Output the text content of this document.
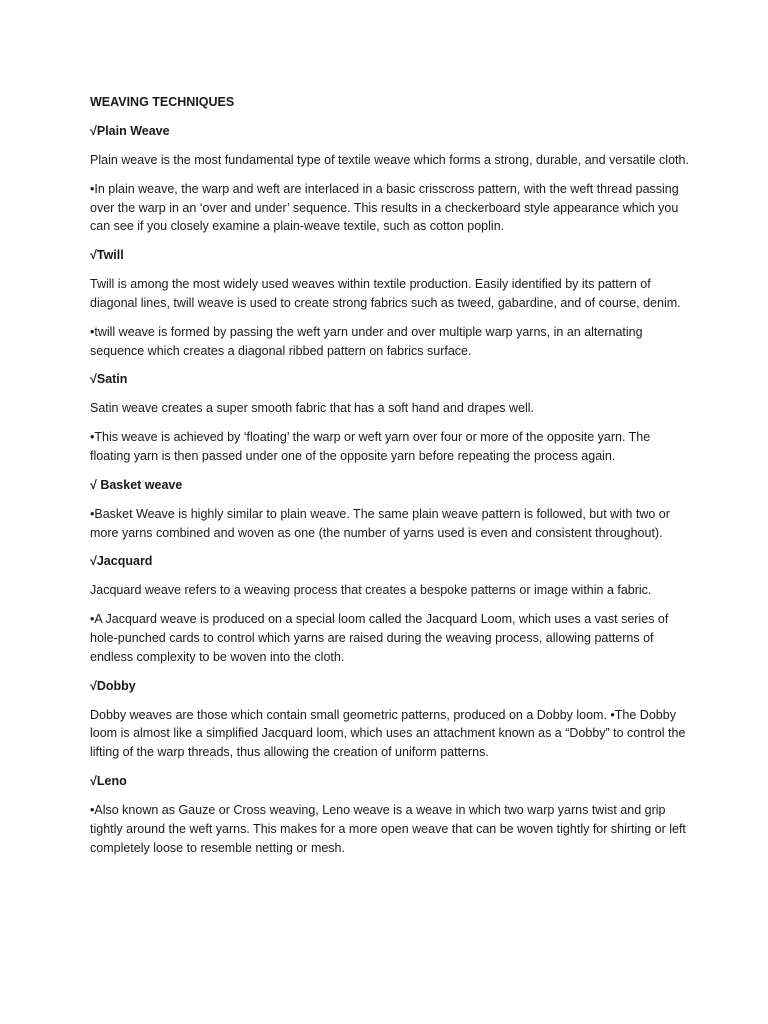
WEAVING TECHNIQUES
√Plain Weave

Plain weave is the most fundamental type of textile weave which forms a strong, durable, and versatile cloth.

•In plain weave, the warp and weft are interlaced in a basic crisscross pattern, with the weft thread passing over the warp in an ‘over and under’ sequence. This results in a checkerboard style appearance which you can see if you closely examine a plain-weave textile, such as cotton poplin.

√Twill

Twill is among the most widely used weaves within textile production. Easily identified by its pattern of diagonal lines, twill weave is used to create strong fabrics such as tweed, gabardine, and of course, denim.

•twill weave is formed by passing the weft yarn under and over multiple warp yarns, in an alternating sequence which creates a diagonal ribbed pattern on fabrics surface.

√Satin

Satin weave creates a super smooth fabric that has a soft hand and drapes well.

•This weave is achieved by ‘floating’ the warp or weft yarn over four or more of the opposite yarn. The floating yarn is then passed under one of the opposite yarn before repeating the process again.

√ Basket weave

•Basket Weave is highly similar to plain weave. The same plain weave pattern is followed, but with two or more yarns combined and woven as one (the number of yarns used is even and consistent throughout).

√Jacquard

Jacquard weave refers to a weaving process that creates a bespoke patterns or image within a fabric.

•A Jacquard weave is produced on a special loom called the Jacquard Loom, which uses a vast series of hole-punched cards to control which yarns are raised during the weaving process, allowing patterns of endless complexity to be woven into the cloth.

√Dobby

Dobby weaves are those which contain small geometric patterns, produced on a Dobby loom. •The Dobby loom is almost like a simplified Jacquard loom, which uses an attachment known as a “Dobby” to control the lifting of the warp threads, thus allowing the creation of uniform patterns.

√Leno

•Also known as Gauze or Cross weaving, Leno weave is a weave in which two warp yarns twist and grip tightly around the weft yarns. This makes for a more open weave that can be woven tightly for shirting or left completely loose to resemble netting or mesh.
